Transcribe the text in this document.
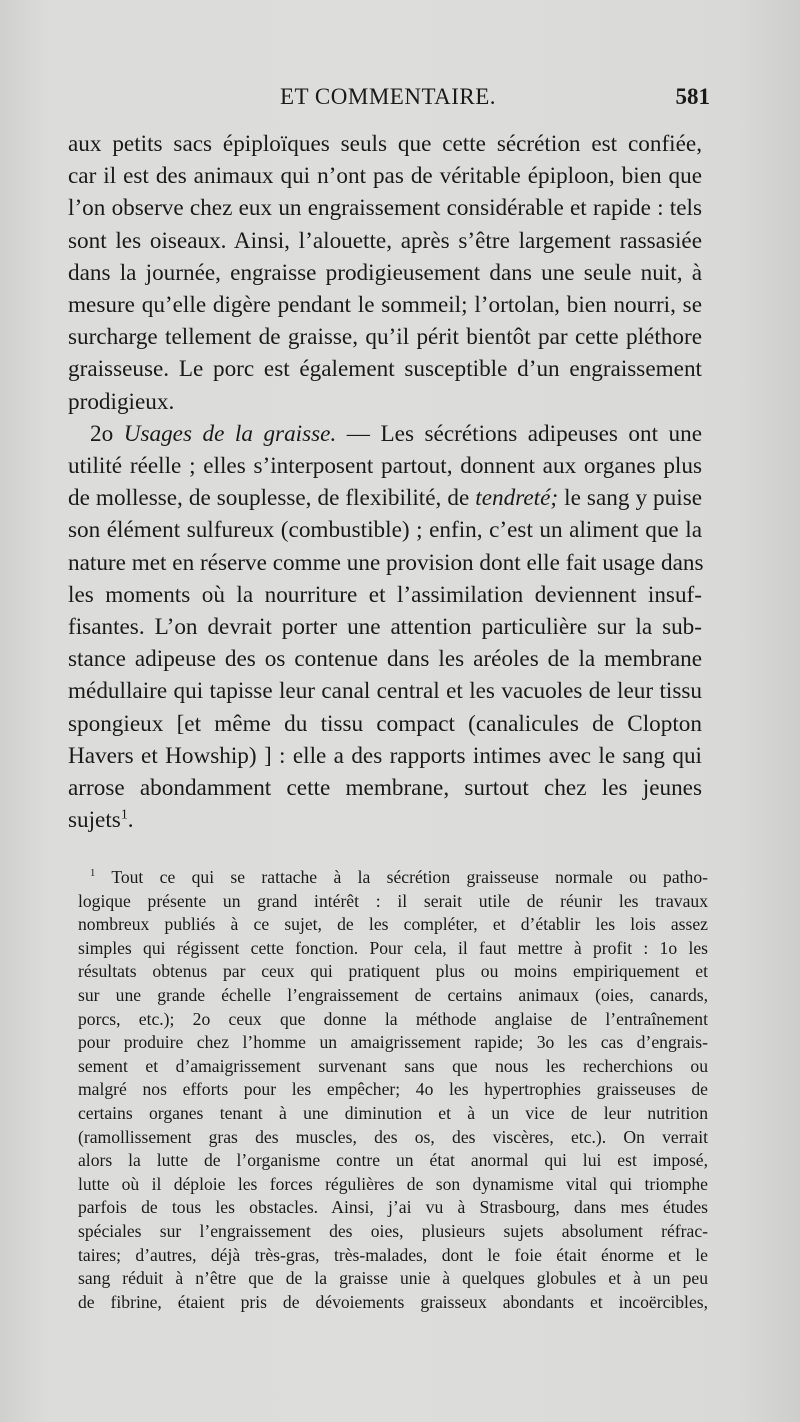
ET COMMENTAIRE.	581

aux petits sacs épiploïques seuls que cette sécrétion est confiée,
car il est des animaux qui n’ont pas de véritable épiploon, bien que
l’on observe chez eux un engraissement considérable et rapide : tels
sont les oiseaux. Ainsi, l’alouette, après s’être largement rassasiée
dans la journée, engraisse prodigieusement dans une seule nuit, à
mesure qu’elle digère pendant le sommeil; l’ortolan, bien nourri, se
surcharge tellement de graisse, qu’il périt bientôt par cette pléthore
graisseuse. Le porc est également susceptible d’un engraissement
prodigieux.

2o Usages de la graisse. — Les sécrétions adipeuses ont une
utilité réelle ; elles s’interposent partout, donnent aux organes plus
de mollesse, de souplesse, de flexibilité, de tendreté; le sang y puise
son élément sulfureux (combustible) ; enfin, c’est un aliment que la
nature met en réserve comme une provision dont elle fait usage dans
les moments où la nourriture et l’assimilation deviennent insuf-
fisantes. L’on devrait porter une attention particulière sur la sub-
stance adipeuse des os contenue dans les aréoles de la membrane
médullaire qui tapisse leur canal central et les vacuoles de leur tissu
spongieux [et même du tissu compact (canalicules de Clopton
Havers et Howship) ] : elle a des rapports intimes avec le sang qui
arrose abondamment cette membrane, surtout chez les jeunes
sujets$^1$.

$^1$ Tout ce qui se rattache à la sécrétion graisseuse normale ou patho-
logique présente un grand intérêt : il serait utile de réunir les travaux
nombreux publiés à ce sujet, de les compléter, et d’établir les lois assez
simples qui régissent cette fonction. Pour cela, il faut mettre à profit : 1o les
résultats obtenus par ceux qui pratiquent plus ou moins empiriquement et
sur une grande échelle l’engraissement de certains animaux (oies, canards,
porcs, etc.); 2o ceux que donne la méthode anglaise de l’entraînement
pour produire chez l’homme un amaigrissement rapide; 3o les cas d’engrais-
sement et d’amaigrissement survenant sans que nous les recherchions ou
malgré nos efforts pour les empêcher; 4o les hypertrophies graisseuses de
certains organes tenant à une diminution et à un vice de leur nutrition
(ramollissement gras des muscles, des os, des viscères, etc.). On verrait
alors la lutte de l’organisme contre un état anormal qui lui est imposé,
lutte où il déploie les forces régulières de son dynamisme vital qui triomphe
parfois de tous les obstacles. Ainsi, j’ai vu à Strasbourg, dans mes études
spéciales sur l’engraissement des oies, plusieurs sujets absolument réfrac-
taires; d’autres, déjà très-gras, très-malades, dont le foie était énorme et le
sang réduit à n’être que de la graisse unie à quelques globules et à un peu
de fibrine, étaient pris de dévoiements graisseux abondants et incoërcibles,
